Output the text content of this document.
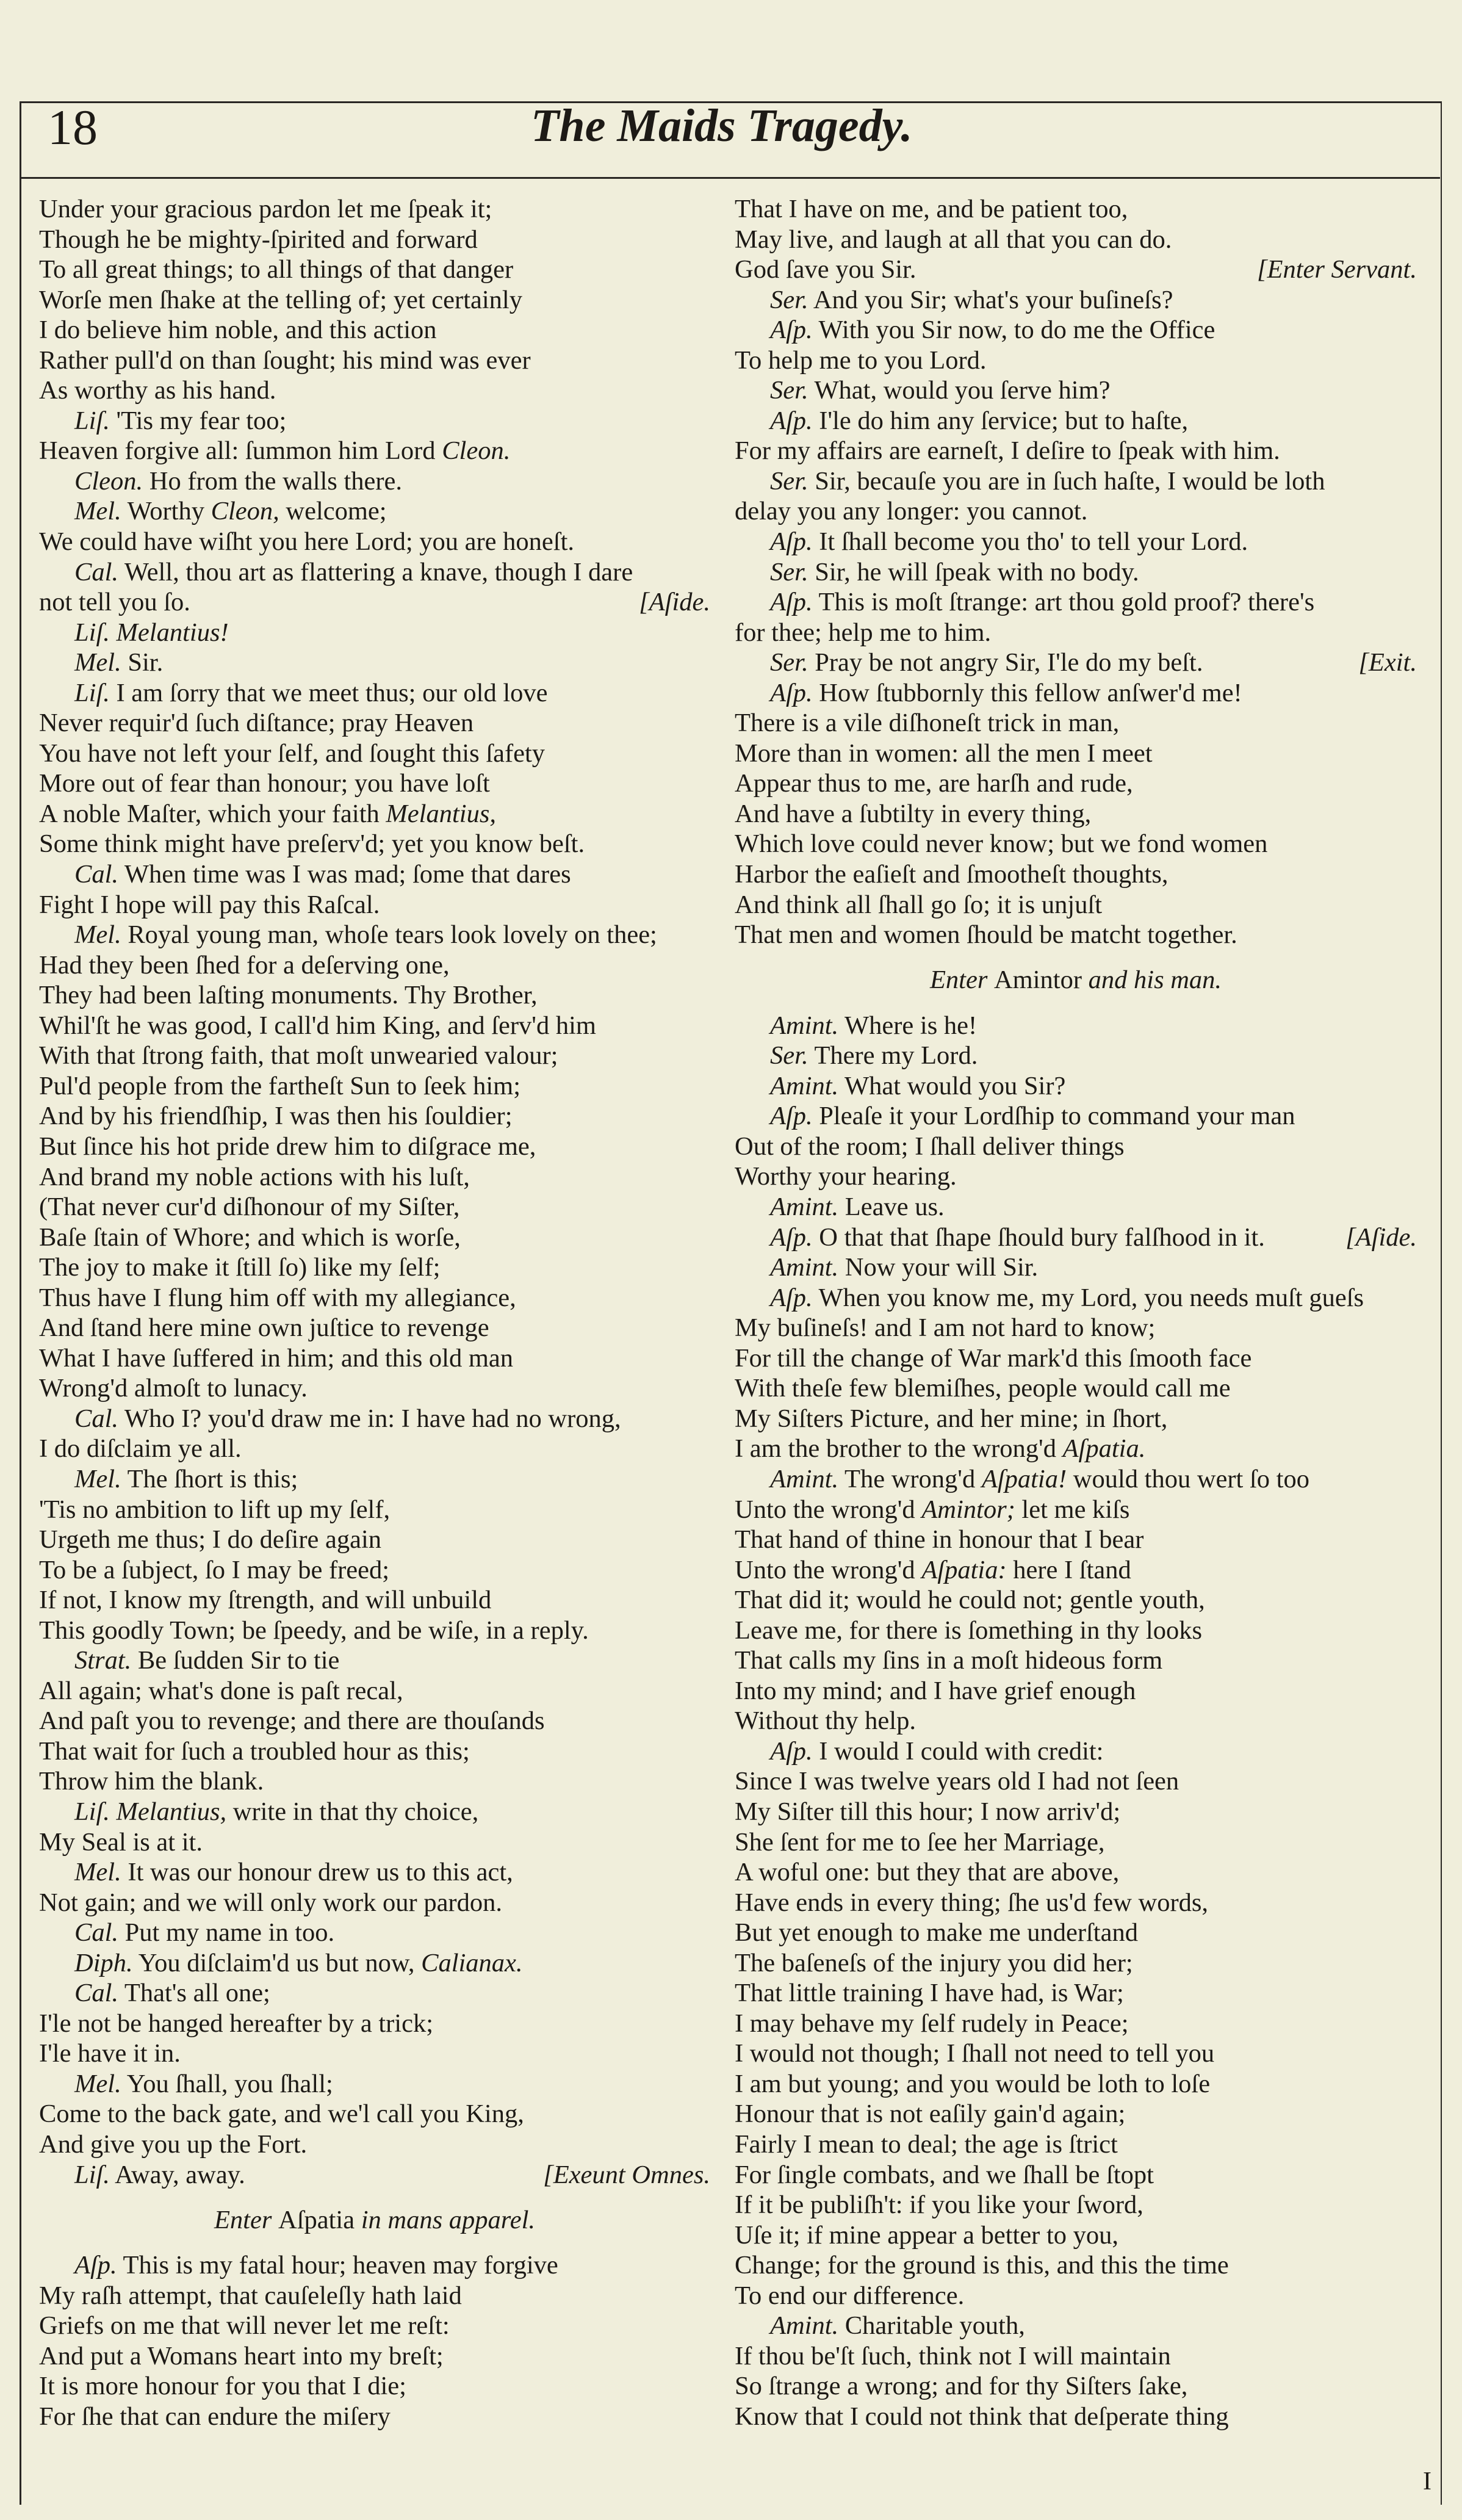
18	The Maids Tragedy.
Under your gracious pardon let me ſpeak it;
Though he be mighty-ſpirited and forward
To all great things; to all things of that danger
Worſe men ſhake at the telling of; yet certainly
I do believe him noble, and this action
Rather pull'd on than ſought; his mind was ever
As worthy as his hand.
Liſ. 'Tis my fear too;
Heaven forgive all: ſummon him Lord Cleon.
Cleon. Ho from the walls there.
Mel. Worthy Cleon, welcome;
We could have wiſht you here Lord; you are honeſt.
Cal. Well, thou art as flattering a knave, though I dare
not tell you ſo.	[Aſide.
Liſ. Melantius!
Mel. Sir.
Liſ. I am ſorry that we meet thus; our old love
Never requir'd ſuch diſtance; pray Heaven
You have not left your ſelf, and ſought this ſafety
More out of fear than honour; you have loſt
A noble Maſter, which your faith Melantius,
Some think might have preſerv'd; yet you know beſt.
Cal. When time was I was mad; ſome that dares
Fight I hope will pay this Raſcal.
Mel. Royal young man, whoſe tears look lovely on thee;
Had they been ſhed for a deſerving one,
They had been laſting monuments. Thy Brother,
Whil'ſt he was good, I call'd him King, and ſerv'd him
With that ſtrong faith, that moſt unwearied valour;
Pul'd people from the fartheſt Sun to ſeek him;
And by his friendſhip, I was then his ſouldier;
But ſince his hot pride drew him to diſgrace me,
And brand my noble actions with his luſt,
(That never cur'd diſhonour of my Siſter,
Baſe ſtain of Whore; and which is worſe,
The joy to make it ſtill ſo) like my ſelf;
Thus have I flung him off with my allegiance,
And ſtand here mine own juſtice to revenge
What I have ſuffered in him; and this old man
Wrong'd almoſt to lunacy.
Cal. Who I? you'd draw me in: I have had no wrong,
I do diſclaim ye all.
Mel. The ſhort is this;
'Tis no ambition to lift up my ſelf,
Urgeth me thus; I do deſire again
To be a ſubject, ſo I may be freed;
If not, I know my ſtrength, and will unbuild
This goodly Town; be ſpeedy, and be wiſe, in a reply.
Strat. Be ſudden Sir to tie
All again; what's done is paſt recal,
And paſt you to revenge; and there are thouſands
That wait for ſuch a troubled hour as this;
Throw him the blank.
Liſ. Melantius, write in that thy choice,
My Seal is at it.
Mel. It was our honour drew us to this act,
Not gain; and we will only work our pardon.
Cal. Put my name in too.
Diph. You diſclaim'd us but now, Calianax.
Cal. That's all one;
I'le not be hanged hereafter by a trick;
I'le have it in.
Mel. You ſhall, you ſhall;
Come to the back gate, and we'l call you King,
And give you up the Fort.
Liſ. Away, away.	[Exeunt Omnes.
Enter Aſpatia in mans apparel.
Aſp. This is my fatal hour; heaven may forgive
My raſh attempt, that cauſeleſly hath laid
Griefs on me that will never let me reſt:
And put a Womans heart into my breſt;
It is more honour for you that I die;
For ſhe that can endure the miſery
That I have on me, and be patient too,
May live, and laugh at all that you can do.
God ſave you Sir.	[Enter Servant.
Ser. And you Sir; what's your buſineſs?
Aſp. With you Sir now, to do me the Office
To help me to you Lord.
Ser. What, would you ſerve him?
Aſp. I'le do him any ſervice; but to haſte,
For my affairs are earneſt, I deſire to ſpeak with him.
Ser. Sir, becauſe you are in ſuch haſte, I would be loth
delay you any longer: you cannot.
Aſp. It ſhall become you tho' to tell your Lord.
Ser. Sir, he will ſpeak with no body.
Aſp. This is moſt ſtrange: art thou gold proof? there's
for thee; help me to him.
Ser. Pray be not angry Sir, I'le do my beſt.	[Exit.
Aſp. How ſtubbornly this fellow anſwer'd me!
There is a vile diſhoneſt trick in man,
More than in women: all the men I meet
Appear thus to me, are harſh and rude,
And have a ſubtilty in every thing,
Which love could never know; but we fond women
Harbor the eaſieſt and ſmootheſt thoughts,
And think all ſhall go ſo; it is unjuſt
That men and women ſhould be matcht together.
Enter Amintor and his man.
Amint. Where is he!
Ser. There my Lord.
Amint. What would you Sir?
Aſp. Pleaſe it your Lordſhip to command your man
Out of the room; I ſhall deliver things
Worthy your hearing.
Amint. Leave us.
Aſp. O that that ſhape ſhould bury falſhood in it.	[Aſide.
Amint. Now your will Sir.
Aſp. When you know me, my Lord, you needs muſt gueſs
My buſineſs! and I am not hard to know;
For till the change of War mark'd this ſmooth face
With theſe few blemiſhes, people would call me
My Siſters Picture, and her mine; in ſhort,
I am the brother to the wrong'd Aſpatia.
Amint. The wrong'd Aſpatia! would thou wert ſo too
Unto the wrong'd Amintor; let me kiſs
That hand of thine in honour that I bear
Unto the wrong'd Aſpatia: here I ſtand
That did it; would he could not; gentle youth,
Leave me, for there is ſomething in thy looks
That calls my ſins in a moſt hideous form
Into my mind; and I have grief enough
Without thy help.
Aſp. I would I could with credit:
Since I was twelve years old I had not ſeen
My Siſter till this hour; I now arriv'd;
She ſent for me to ſee her Marriage,
A woful one: but they that are above,
Have ends in every thing; ſhe us'd few words,
But yet enough to make me underſtand
The baſeneſs of the injury you did her;
That little training I have had, is War;
I may behave my ſelf rudely in Peace;
I would not though; I ſhall not need to tell you
I am but young; and you would be loth to loſe
Honour that is not eaſily gain'd again;
Fairly I mean to deal; the age is ſtrict
For ſingle combats, and we ſhall be ſtopt
If it be publiſh't: if you like your ſword,
Uſe it; if mine appear a better to you,
Change; for the ground is this, and this the time
To end our difference.
Amint. Charitable youth,
If thou be'ſt ſuch, think not I will maintain
So ſtrange a wrong; and for thy Siſters ſake,
Know that I could not think that deſperate thing
I
